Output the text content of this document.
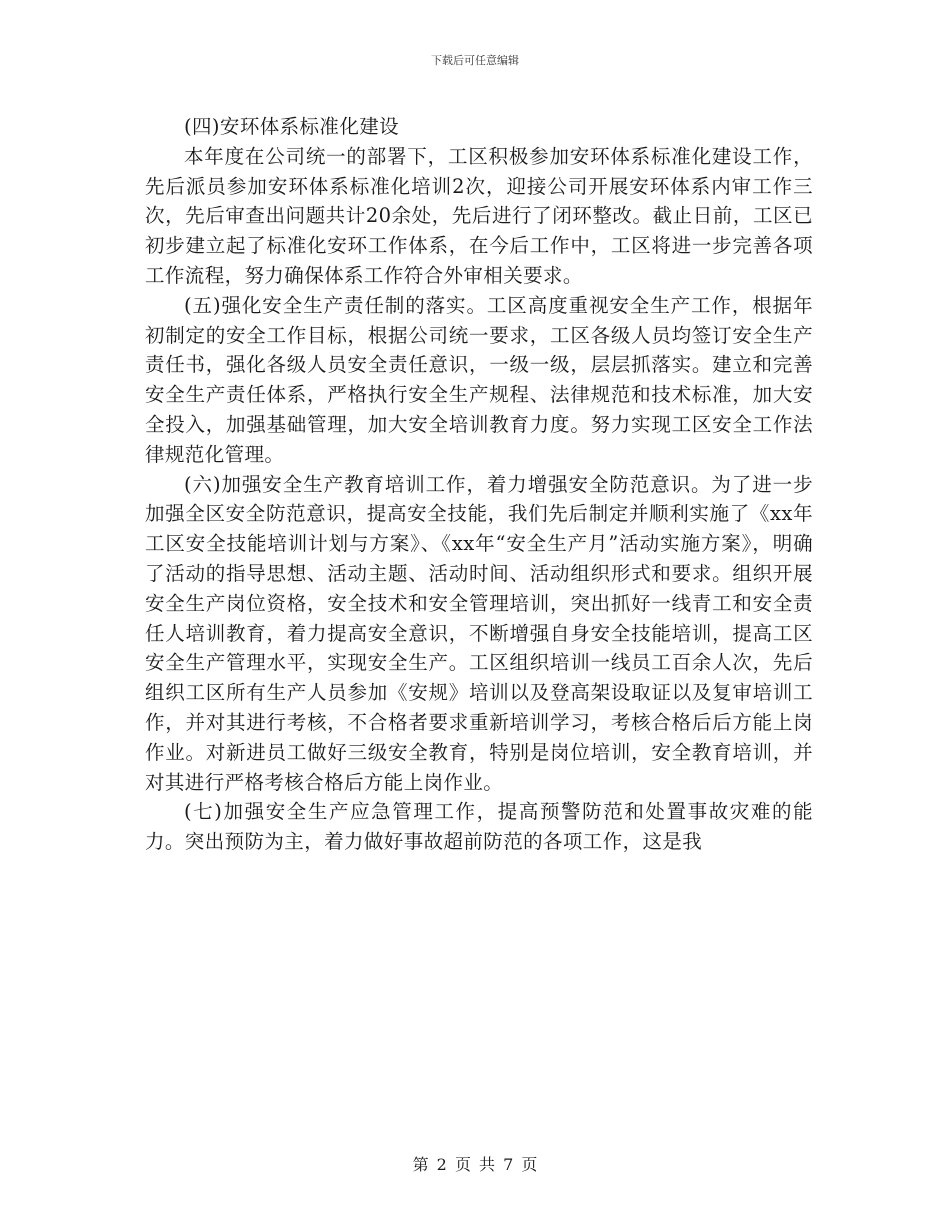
下载后可任意编辑

(四)安环体系标准化建设

本年度在公司统一的部署下，工区积极参加安环体系标准化建设工作，先后派员参加安环体系标准化培训2次，迎接公司开展安环体系内审工作三次，先后审查出问题共计20余处，先后进行了闭环整改。截止日前，工区已初步建立起了标准化安环工作体系，在今后工作中，工区将进一步完善各项工作流程，努力确保体系工作符合外审相关要求。

(五)强化安全生产责任制的落实。工区高度重视安全生产工作，根据年初制定的安全工作目标，根据公司统一要求，工区各级人员均签订安全生产责任书，强化各级人员安全责任意识，一级一级，层层抓落实。建立和完善安全生产责任体系，严格执行安全生产规程、法律规范和技术标准，加大安全投入，加强基础管理，加大安全培训教育力度。努力实现工区安全工作法律规范化管理。

(六)加强安全生产教育培训工作，着力增强安全防范意识。为了进一步加强全区安全防范意识，提高安全技能，我们先后制定并顺利实施了《xx年工区安全技能培训计划与方案》、《xx年“安全生产月”活动实施方案》，明确了活动的指导思想、活动主题、活动时间、活动组织形式和要求。组织开展安全生产岗位资格，安全技术和安全管理培训，突出抓好一线青工和安全责任人培训教育，着力提高安全意识，不断增强自身安全技能培训，提高工区安全生产管理水平，实现安全生产。工区组织培训一线员工百余人次，先后组织工区所有生产人员参加《安规》培训以及登高架设取证以及复审培训工作，并对其进行考核，不合格者要求重新培训学习，考核合格后后方能上岗作业。对新进员工做好三级安全教育，特别是岗位培训，安全教育培训，并对其进行严格考核合格后方能上岗作业。

(七)加强安全生产应急管理工作，提高预警防范和处置事故灾难的能力。突出预防为主，着力做好事故超前防范的各项工作，这是我

第 2 页 共 7 页
